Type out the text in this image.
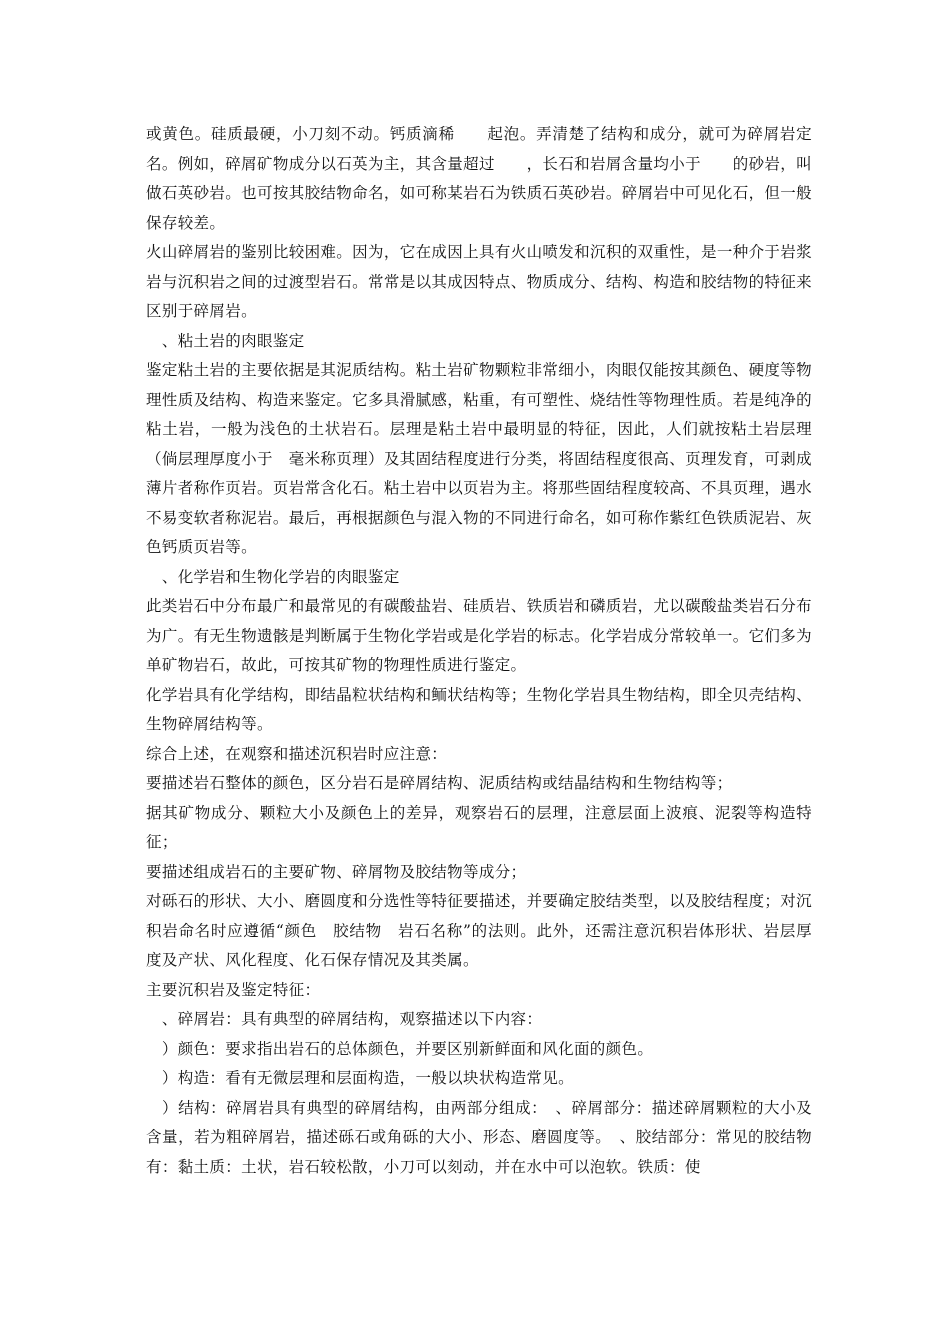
或黄色。硅质最硬，小刀刻不动。钙质滴稀　　起泡。弄清楚了结构和成分，就可为碎屑岩定名。例如，碎屑矿物成分以石英为主，其含量超过　　，长石和岩屑含量均小于　　的砂岩，叫做石英砂岩。也可按其胶结物命名，如可称某岩石为铁质石英砂岩。碎屑岩中可见化石，但一般保存较差。

火山碎屑岩的鉴别比较困难。因为，它在成因上具有火山喷发和沉积的双重性，是一种介于岩浆岩与沉积岩之间的过渡型岩石。常常是以其成因特点、物质成分、结构、构造和胶结物的特征来区别于碎屑岩。

　、粘土岩的肉眼鉴定

鉴定粘土岩的主要依据是其泥质结构。粘土岩矿物颗粒非常细小，肉眼仅能按其颜色、硬度等物理性质及结构、构造来鉴定。它多具滑腻感，粘重，有可塑性、烧结性等物理性质。若是纯净的粘土岩，一般为浅色的土状岩石。层理是粘土岩中最明显的特征，因此，人们就按粘土岩层理（倘层理厚度小于　毫米称页理）及其固结程度进行分类，将固结程度很高、页理发育，可剥成薄片者称作页岩。页岩常含化石。粘土岩中以页岩为主。将那些固结程度较高、不具页理，遇水不易变软者称泥岩。最后，再根据颜色与混入物的不同进行命名，如可称作紫红色铁质泥岩、灰色钙质页岩等。

　、化学岩和生物化学岩的肉眼鉴定

此类岩石中分布最广和最常见的有碳酸盐岩、硅质岩、铁质岩和磷质岩，尤以碳酸盐类岩石分布为广。有无生物遗骸是判断属于生物化学岩或是化学岩的标志。化学岩成分常较单一。它们多为单矿物岩石，故此，可按其矿物的物理性质进行鉴定。

化学岩具有化学结构，即结晶粒状结构和鲕状结构等；生物化学岩具生物结构，即全贝壳结构、生物碎屑结构等。

综合上述，在观察和描述沉积岩时应注意：

要描述岩石整体的颜色，区分岩石是碎屑结构、泥质结构或结晶结构和生物结构等；

据其矿物成分、颗粒大小及颜色上的差异，观察岩石的层理，注意层面上波痕、泥裂等构造特征；

要描述组成岩石的主要矿物、碎屑物及胶结物等成分；

对砾石的形状、大小、磨圆度和分选性等特征要描述，并要确定胶结类型，以及胶结程度；对沉积岩命名时应遵循“颜色　胶结物　岩石名称”的法则。此外，还需注意沉积岩体形状、岩层厚度及产状、风化程度、化石保存情况及其类属。

主要沉积岩及鉴定特征：

　、碎屑岩：具有典型的碎屑结构，观察描述以下内容：

　）颜色：要求指出岩石的总体颜色，并要区别新鲜面和风化面的颜色。

　）构造：看有无微层理和层面构造，一般以块状构造常见。

　）结构：碎屑岩具有典型的碎屑结构，由两部分组成：　、碎屑部分：描述碎屑颗粒的大小及含量，若为粗碎屑岩，描述砾石或角砾的大小、形态、磨圆度等。　、胶结部分：常见的胶结物有：黏土质：土状，岩石较松散，小刀可以刻动，并在水中可以泡软。铁质：使
